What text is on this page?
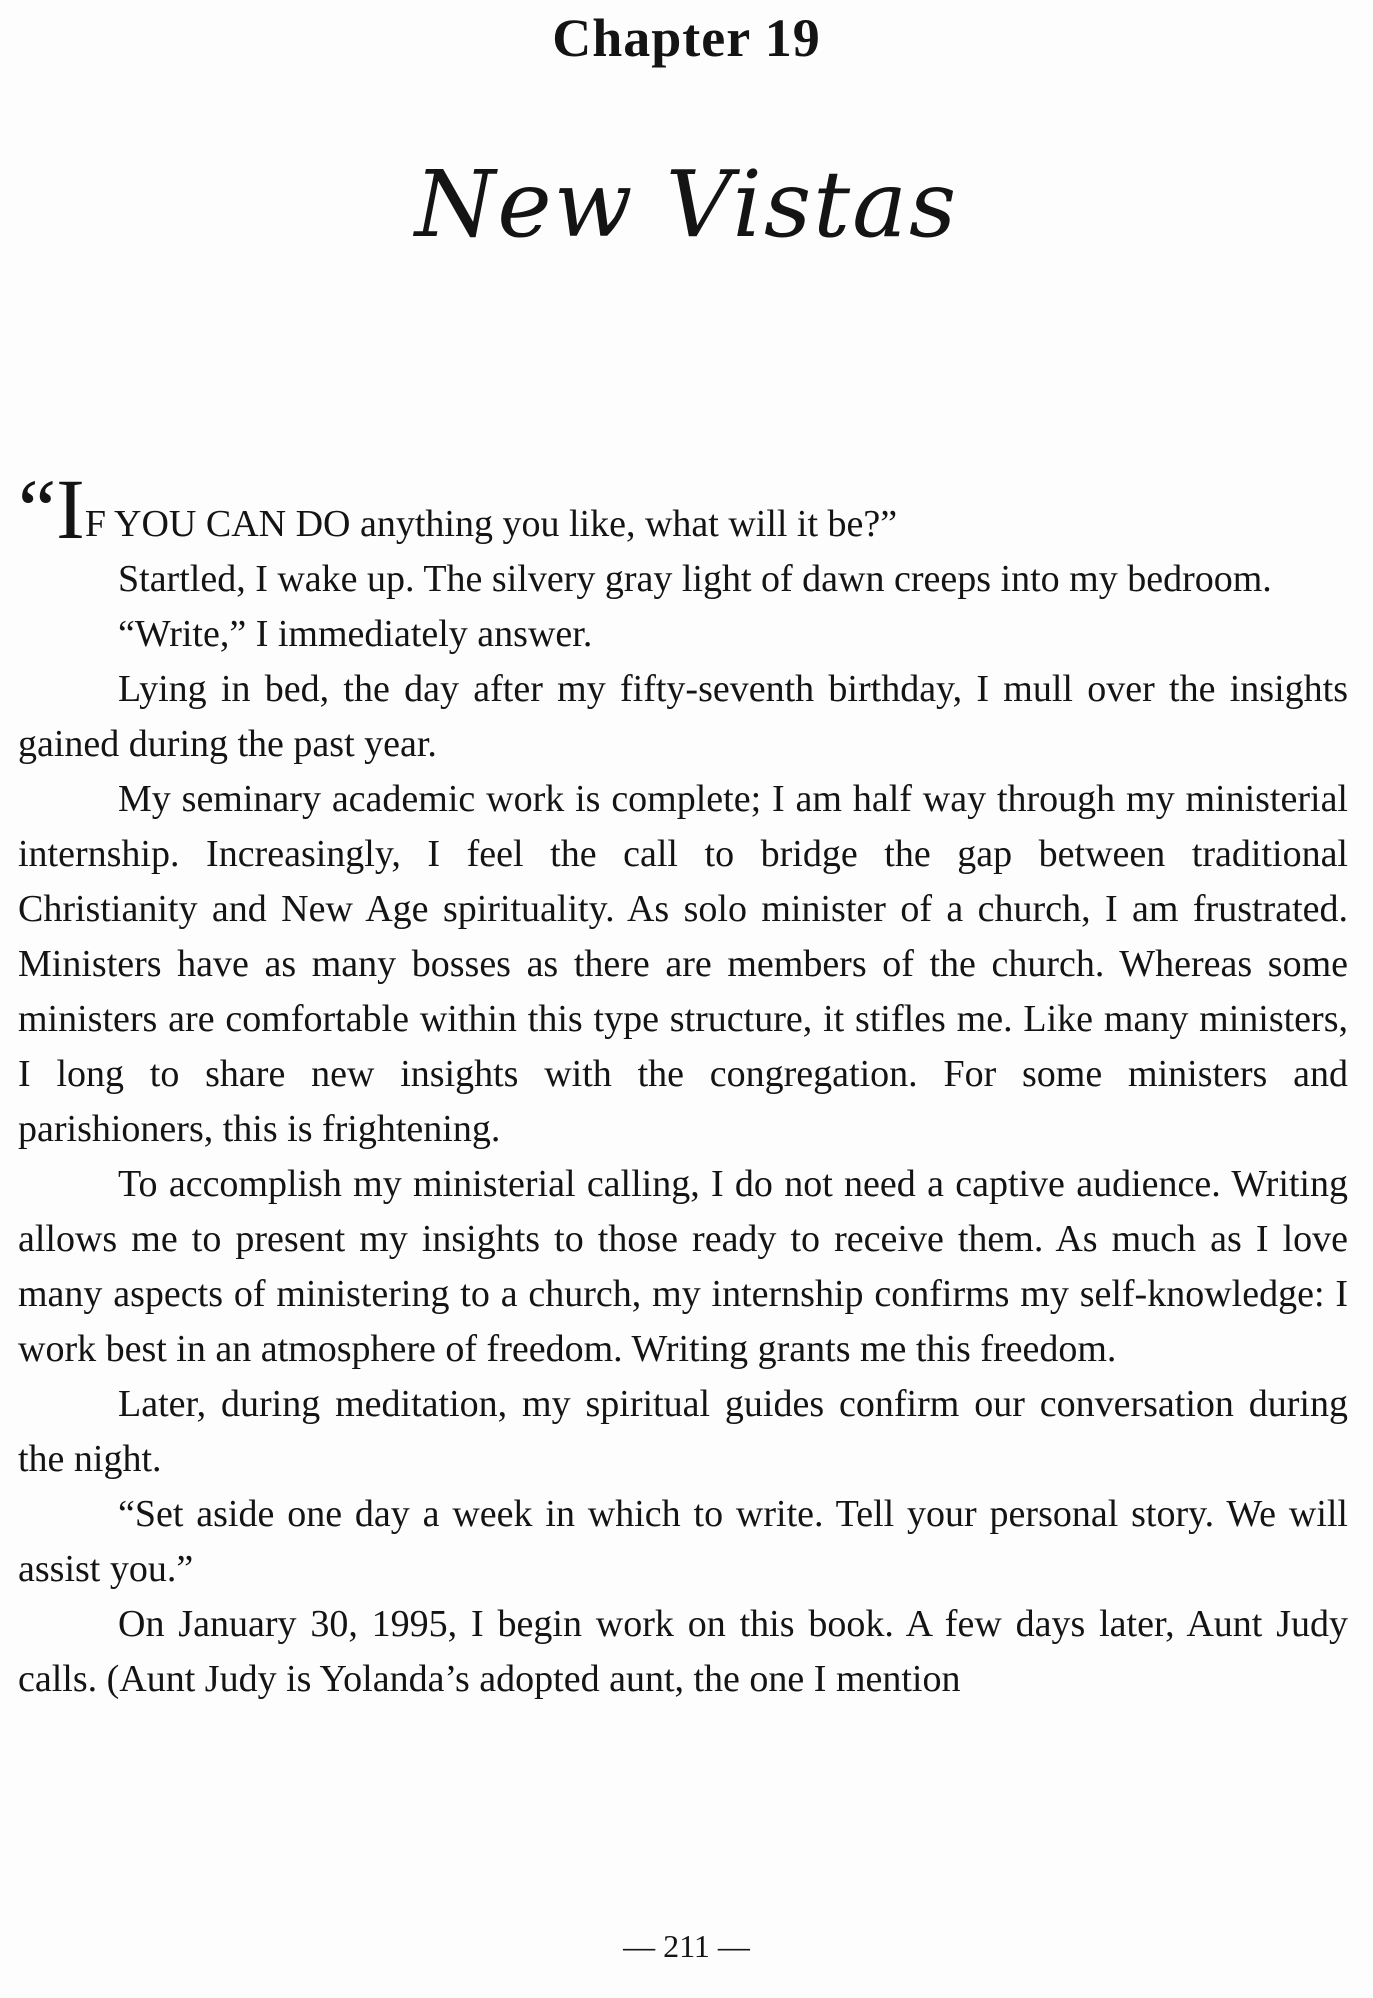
Chapter 19
New Vistas

“IF YOU CAN DO anything you like, what will it be?”

Startled, I wake up. The silvery gray light of dawn creeps into my bedroom.

“Write,” I immediately answer.

Lying in bed, the day after my fifty-seventh birthday, I mull over the insights gained during the past year.

My seminary academic work is complete; I am half way through my ministerial internship. Increasingly, I feel the call to bridge the gap between traditional Christianity and New Age spirituality. As solo minister of a church, I am frustrated. Ministers have as many bosses as there are members of the church. Whereas some ministers are comfortable within this type structure, it stifles me. Like many ministers, I long to share new insights with the congregation. For some ministers and parishioners, this is frightening.

To accomplish my ministerial calling, I do not need a captive audience. Writing allows me to present my insights to those ready to receive them. As much as I love many aspects of ministering to a church, my internship confirms my self-knowledge: I work best in an atmosphere of freedom. Writing grants me this freedom.

Later, during meditation, my spiritual guides confirm our conversation during the night.

“Set aside one day a week in which to write. Tell your personal story. We will assist you.”

On January 30, 1995, I begin work on this book. A few days later, Aunt Judy calls. (Aunt Judy is Yolanda’s adopted aunt, the one I mention

— 211 —
